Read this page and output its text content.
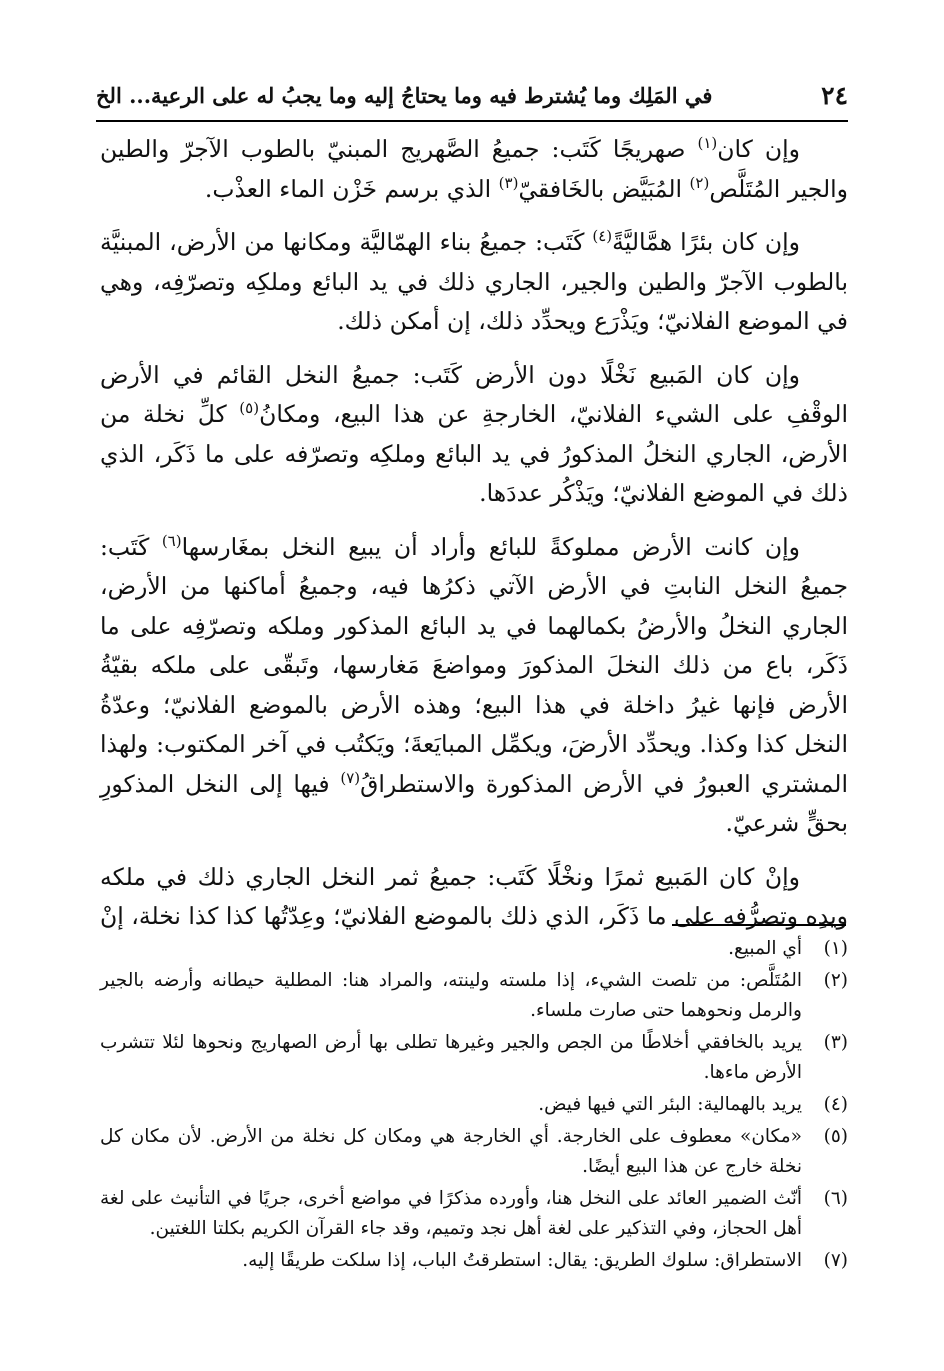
٢٤
في المَلِك وما يُشترط فيه وما يحتاجُ إليه وما يجبُ له على الرعية... الخ

وإن كان$^{(١)}$ صهريجًا كَتَب: جميعُ الصَّهريج المبنيّ بالطوب الآجرّ والطين والجير المُتَلَّص$^{(٢)}$ المُبَيَّض بالخَافقيّ$^{(٣)}$ الذي برسم خَزْن الماء العذْب.

وإن كان بئرًا همَّاليَّةً$^{(٤)}$ كَتَب: جميعُ بناء الهمّاليَّة ومكانها من الأرض، المبنيَّة بالطوب الآجرّ والطين والجير، الجاري ذلك في يد البائع وملكِه وتصرّفِه، وهي في الموضع الفلانيّ؛ ويَذْرَع ويحدِّد ذلك، إن أمكن ذلك.

وإن كان المَبيع نَخْلًا دون الأرض كَتَب: جميعُ النخل القائم في الأرض الوقْفِ على الشيء الفلانيّ، الخارجةِ عن هذا البيع، ومكانُ$^{(٥)}$ كلِّ نخلة من الأرض، الجاري النخلُ المذكورُ في يد البائع وملكِه وتصرّفه على ما ذَكَر، الذي ذلك في الموضع الفلانيّ؛ ويَذْكُر عددَها.

وإن كانت الأرض مملوكةً للبائع وأراد أن يبيع النخل بمغَارسها$^{(٦)}$ كَتَب: جميعُ النخل النابتِ في الأرض الآتي ذكرُها فيه، وجميعُ أماكنها من الأرض، الجاري النخلُ والأرضُ بكمالهما في يد البائع المذكور وملكه وتصرّفِه على ما ذَكَر، باع من ذلك النخلَ المذكورَ ومواضعَ مَغارسها، وتَبقّى على ملكه بقيّةُ الأرض فإنها غيرُ داخلة في هذا البيع؛ وهذه الأرض بالموضع الفلانيّ؛ وعدّةُ النخل كذا وكذا. ويحدِّد الأرضَ، ويكمِّل المبايَعةَ؛ ويَكتُب في آخر المكتوب: ولهذا المشتري العبورُ في الأرض المذكورة والاستطراقُ$^{(٧)}$ فيها إلى النخل المذكورِ بحقٍّ شرعيّ.

وإنْ كان المَبيع ثمرًا ونخْلًا كَتَب: جميعُ ثمر النخل الجاري ذلك في ملكه ويدِه وتصرُّفه على ما ذَكَر، الذي ذلك بالموضع الفلانيّ؛ وعِدّتُها كذا كذا نخلة، إنْ

(١)
أي المبيع.
(٢)
المُتَلَّص: من تلصت الشيء، إذا ملسته ولينته، والمراد هنا: المطلية حيطانه وأرضه بالجير والرمل ونحوهما حتى صارت ملساء.
(٣)
يريد بالخافقي أخلاطًا من الجص والجير وغيرها تطلى بها أرض الصهاريج ونحوها لئلا تتشرب الأرض ماءها.
(٤)
يريد بالهمالية: البئر التي فيها فيض.
(٥)
«مكان» معطوف على الخارجة. أي الخارجة هي ومكان كل نخلة من الأرض. لأن مكان كل نخلة خارج عن هذا البيع أيضًا.
(٦)
أنّث الضمير العائد على النخل هنا، وأورده مذكرًا في مواضع أخرى، جريًا في التأنيث على لغة أهل الحجاز، وفي التذكير على لغة أهل نجد وتميم، وقد جاء القرآن الكريم بكلتا اللغتين.
(٧)
الاستطراق: سلوك الطريق: يقال: استطرقتُ الباب، إذا سلكت طريقًا إليه.
